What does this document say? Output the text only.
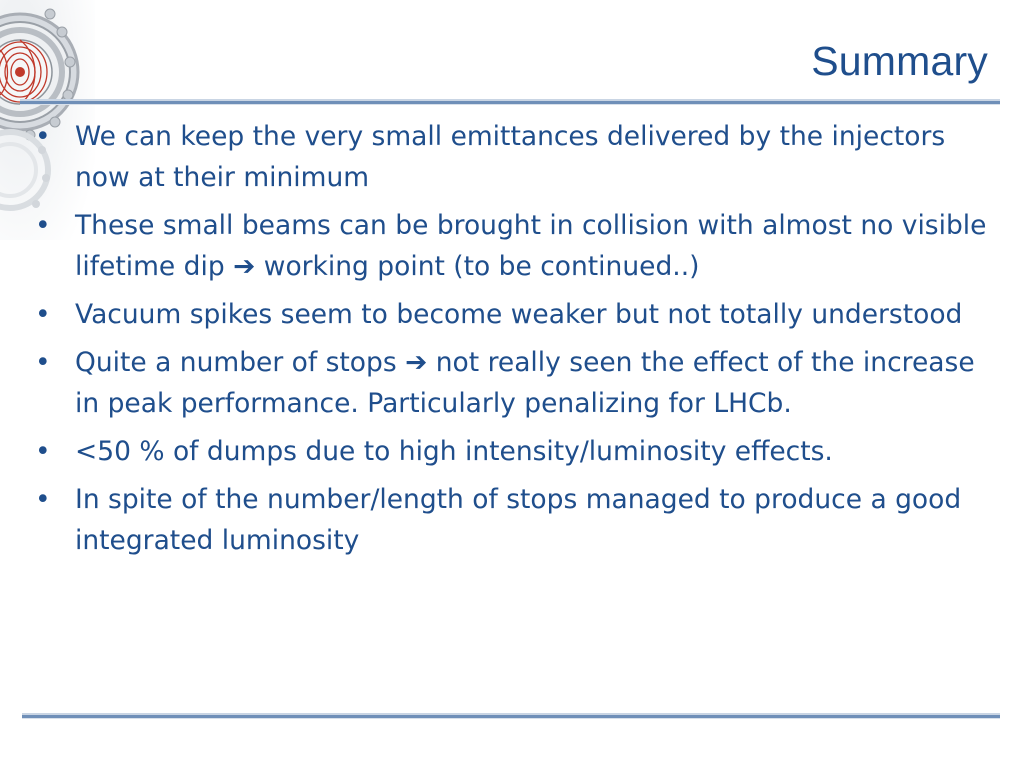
Summary
• We can keep the very small emittances delivered by the injectors now at their minimum
• These small beams can be brought in collision with almost no visible lifetime dip ➔ working point (to be continued..)
• Vacuum spikes seem to become weaker but not totally understood
• Quite a number of stops ➔ not really seen the effect of the increase in peak performance. Particularly penalizing for LHCb.
• <50 % of dumps due to high intensity/luminosity effects.
• In spite of the number/length of stops managed to produce a good integrated luminosity
